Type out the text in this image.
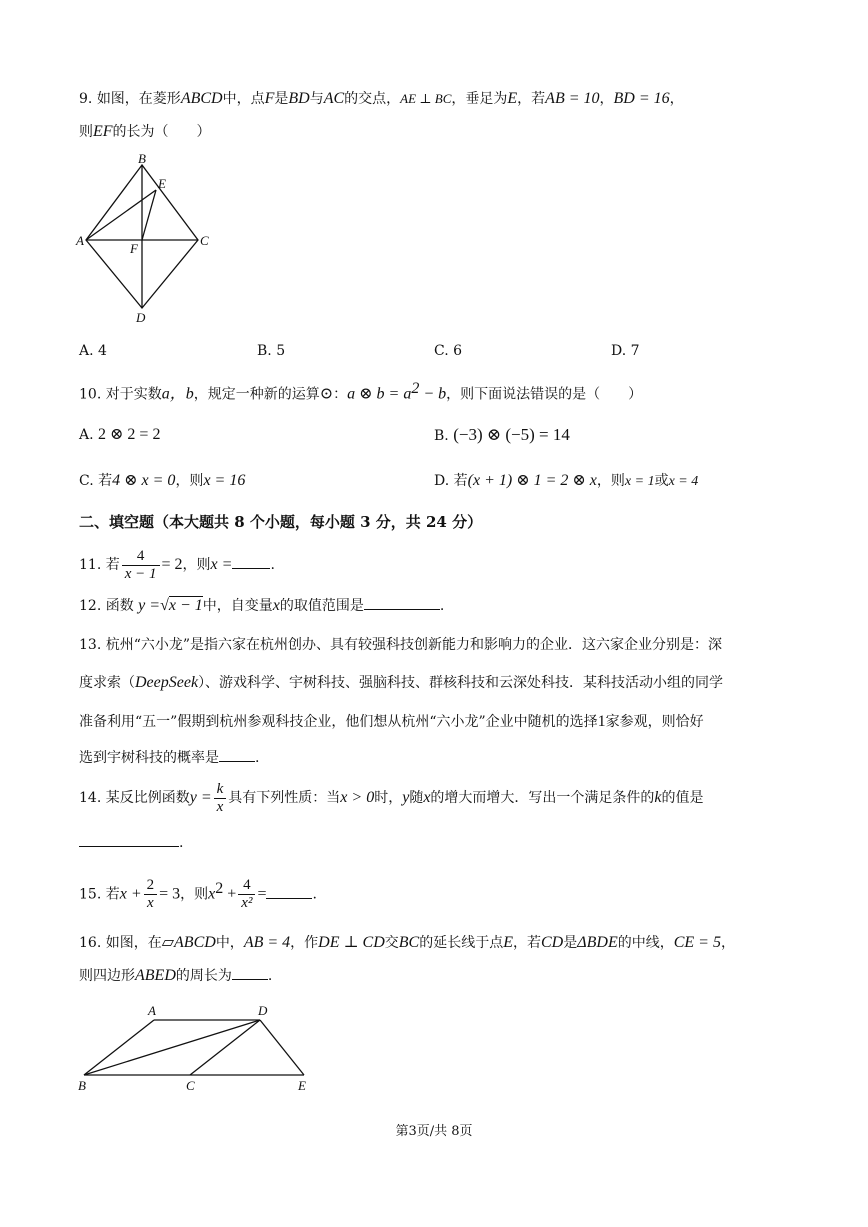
9. 如图，在菱形ABCD中，点F是BD与AC的交点，AE ⊥ BC，垂足为E，若AB = 10，BD = 16，
则EF的长为（　　）
B
E
A	C
F
D
A. 4	B. 5	C. 6	D. 7
10. 对于实数a，b，规定一种新的运算⊙：a ⊗ $b = a^2 - b$，则下面说法错误的是（　　）
A. 2 ⊗ 2 = 2	B. (−3) ⊗ (−5) = 14
C. 若4 ⊗ x = 0，则x = 16	D. 若(x + 1) ⊗ 1 = 2 ⊗ x，则x = 1或x = 4
二、填空题（本大题共 8 个小题，每小题 3 分，共 24 分）
11. 若 $\frac{4}{x - 1} = 2$，则x =	.
12. 函数 y =√x − 1中，自变量x的取值范围是	.
13. 杭州“六小龙”是指六家在杭州创办、具有较强科技创新能力和影响力的企业．这六家企业分别是：深
度求索（DeepSeek）、游戏科学、宇树科技、强脑科技、群核科技和云深处科技．某科技活动小组的同学
准备利用“五一”假期到杭州参观科技企业，他们想从杭州“六小龙”企业中随机的选择1家参观，则恰好
选到宇树科技的概率是	.
14. 某反比例函数$y = \frac{k}{x}$ 具有下列性质：当x > 0时，y随x的增大而增大．写出一个满足条件的k的值是
.
15. 若$x + \frac{2}{x} = 3$，则$x^2 + \frac{4}{\text{x²}}$ =	.
16. 如图，在▱ABCD中，AB = 4，作DE ⊥ CD交BC的延长线于点E，若CD是ΔBDE的中线，CE = 5，
则四边形ABED的周长为	.
A	D
B	C	E
第3页/共 8页
